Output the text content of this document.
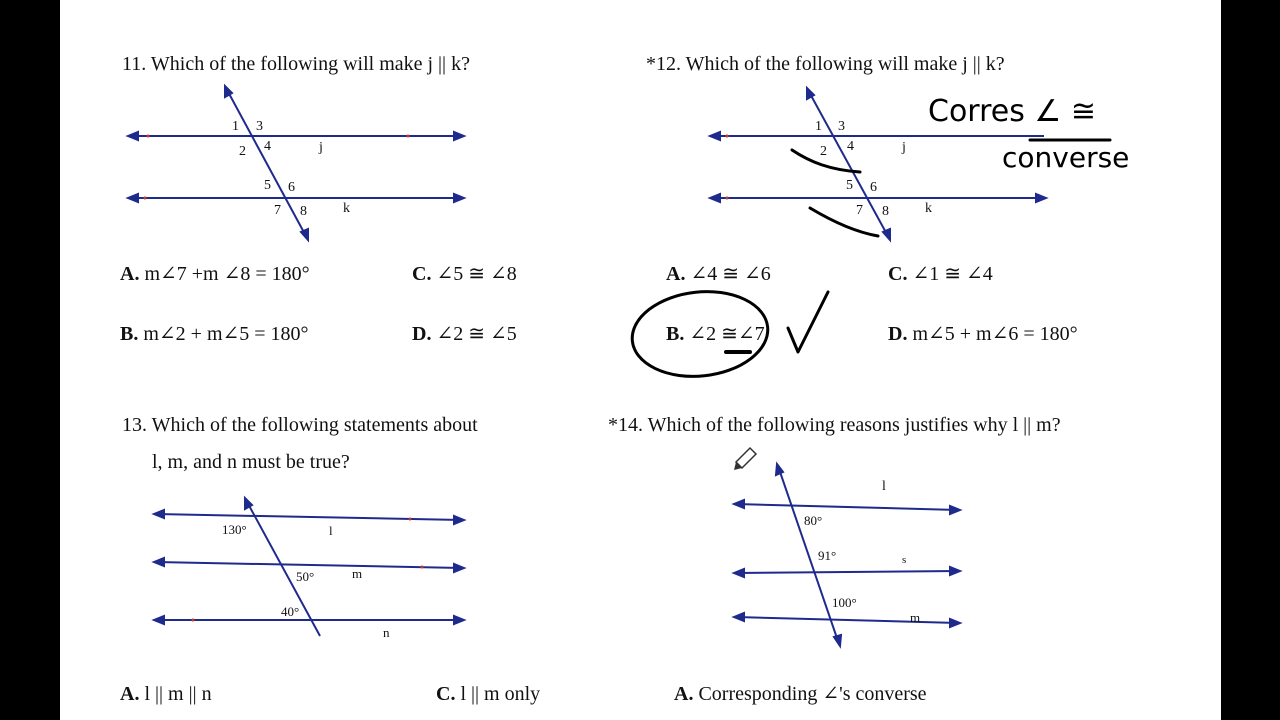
11. Which of the following will make j || k?
1 3
2 4	j
5 6
7 8	k
A. m∠7 +m ∠8 = 180°	C. ∠5 ≅ ∠8
B. m∠2 + m∠5 = 180°	D. ∠2 ≅ ∠5
*12. Which of the following will make j || k?
1 3
2 4	j
5 6
7 8	k
Corres ∠ ≅
converse
A. ∠4 ≅ ∠6	C. ∠1 ≅ ∠4
B. ∠2 ≅∠7	D. m∠5 + m∠6 = 180°
13. Which of the following statements about
l, m, and n must be true?
130°	l
50°	m
40°
n
A. l || m || n	C. l || m only
*14. Which of the following reasons justifies why l || m?
l
80°
91°	s
100°
m
A. Corresponding ∠'s converse
